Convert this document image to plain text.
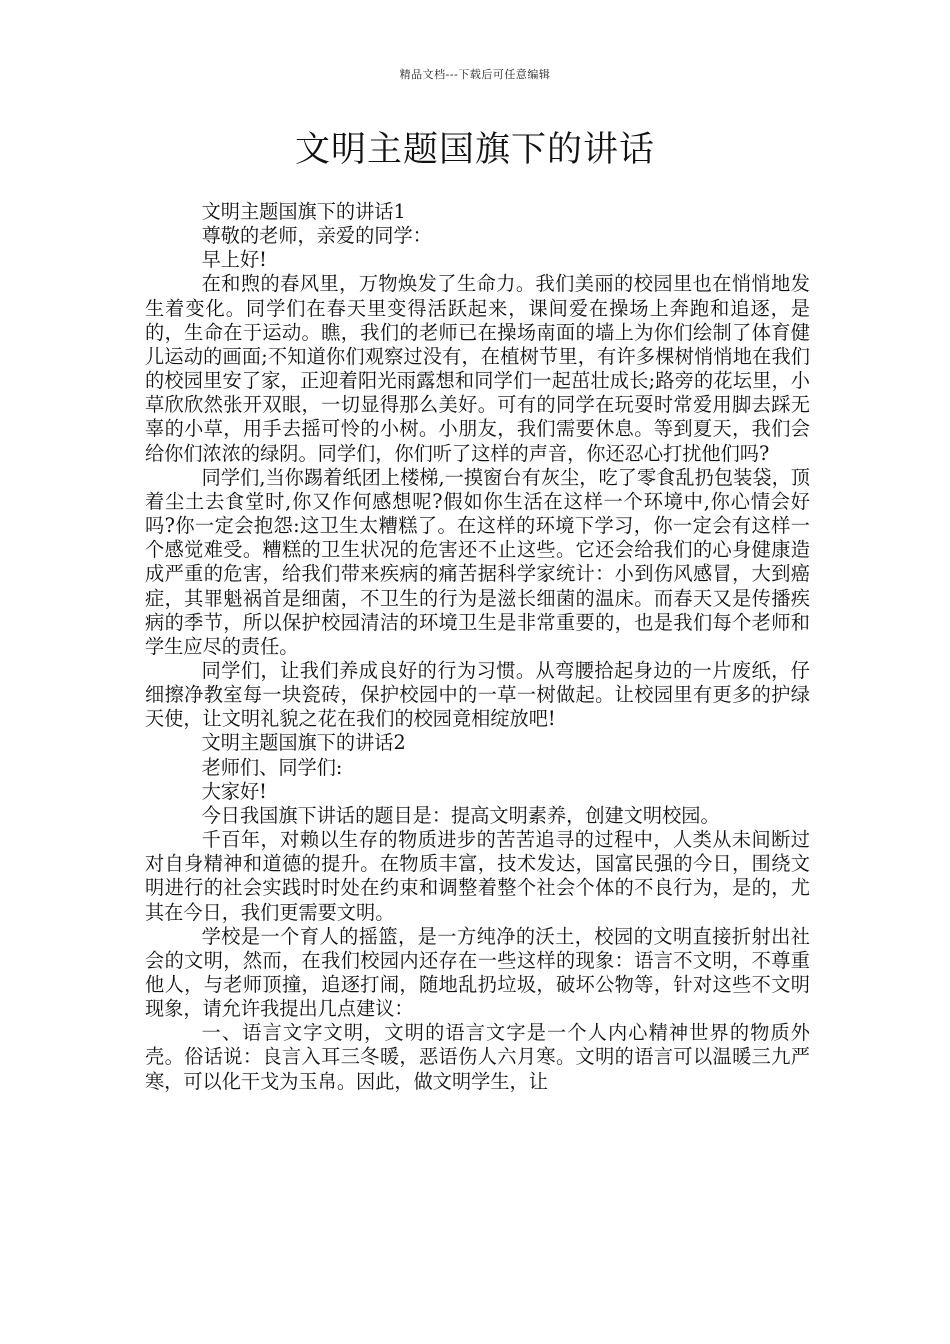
精品文档---下载后可任意编辑
文明主题国旗下的讲话

文明主题国旗下的讲话1

尊敬的老师，亲爱的同学：

早上好!

在和煦的春风里，万物焕发了生命力。我们美丽的校园里也在悄悄地发生着变化。同学们在春天里变得活跃起来，课间爱在操场上奔跑和追逐，是的，生命在于运动。瞧，我们的老师已在操场南面的墙上为你们绘制了体育健儿运动的画面;不知道你们观察过没有，在植树节里，有许多棵树悄悄地在我们的校园里安了家，正迎着阳光雨露想和同学们一起茁壮成长;路旁的花坛里，小草欣欣然张开双眼，一切显得那么美好。可有的同学在玩耍时常爱用脚去踩无辜的小草，用手去摇可怜的小树。小朋友，我们需要休息。等到夏天，我们会给你们浓浓的绿阴。同学们，你们听了这样的声音，你还忍心打扰他们吗?

同学们,当你踢着纸团上楼梯,一摸窗台有灰尘，吃了零食乱扔包装袋，顶着尘土去食堂时,你又作何感想呢?假如你生活在这样一个环境中,你心情会好吗?你一定会抱怨:这卫生太糟糕了。在这样的环境下学习，你一定会有这样一个感觉难受。糟糕的卫生状况的危害还不止这些。它还会给我们的心身健康造成严重的危害，给我们带来疾病的痛苦据科学家统计：小到伤风感冒，大到癌症，其罪魁祸首是细菌，不卫生的行为是滋长细菌的温床。而春天又是传播疾病的季节，所以保护校园清洁的环境卫生是非常重要的，也是我们每个老师和学生应尽的责任。

同学们，让我们养成良好的行为习惯。从弯腰拾起身边的一片废纸，仔细擦净教室每一块瓷砖，保护校园中的一草一树做起。让校园里有更多的护绿天使，让文明礼貌之花在我们的校园竟相绽放吧!

文明主题国旗下的讲话2

老师们、同学们:

大家好!

今日我国旗下讲话的题目是：提高文明素养，创建文明校园。

千百年，对赖以生存的物质进步的苦苦追寻的过程中，人类从未间断过对自身精神和道德的提升。在物质丰富，技术发达，国富民强的今日，围绕文明进行的社会实践时时处在约束和调整着整个社会个体的不良行为，是的，尤其在今日，我们更需要文明。

学校是一个育人的摇篮，是一方纯净的沃土，校园的文明直接折射出社会的文明，然而，在我们校园内还存在一些这样的现象：语言不文明，不尊重他人，与老师顶撞，追逐打闹，随地乱扔垃圾，破坏公物等，针对这些不文明现象，请允许我提出几点建议：

一、语言文字文明，文明的语言文字是一个人内心精神世界的物质外壳。俗话说：良言入耳三冬暖，恶语伤人六月寒。文明的语言可以温暖三九严寒，可以化干戈为玉帛。因此，做文明学生，让
